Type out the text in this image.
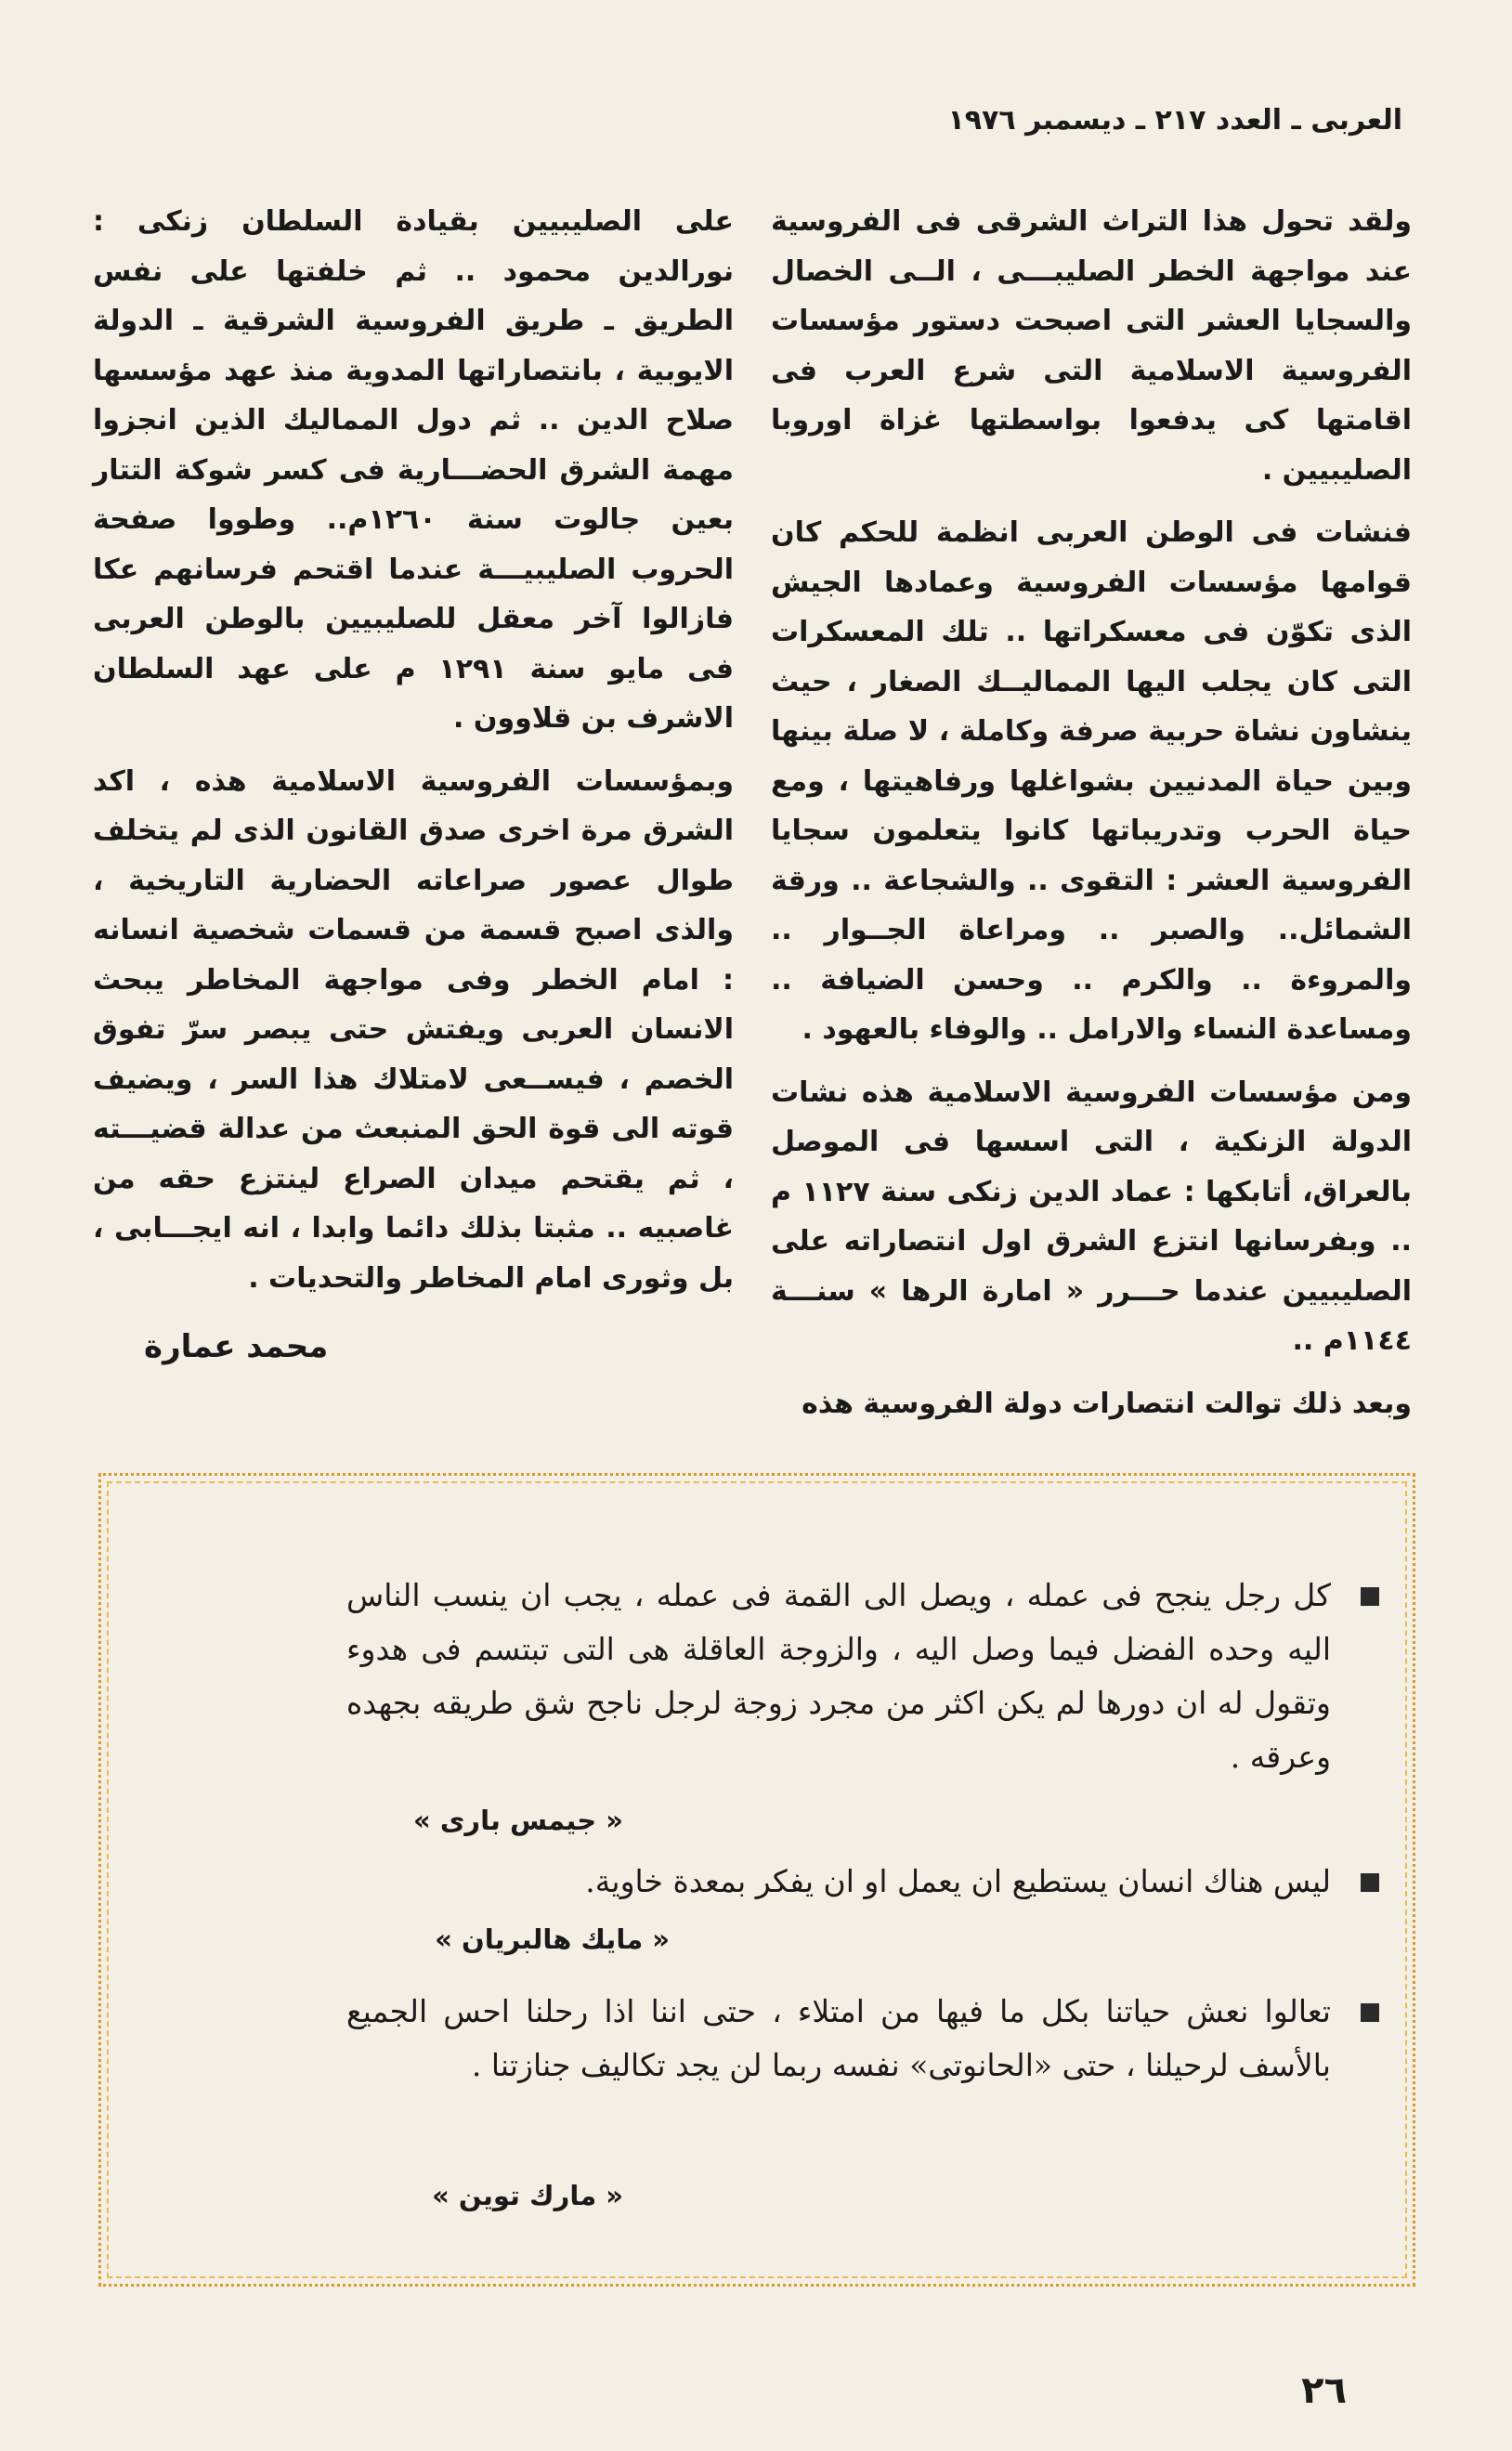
العربى ـ العدد ٢١٧ ـ ديسمبر ١٩٧٦

ولقد تحول هذا التراث الشرقى فى الفروسية عند مواجهة الخطر الصليبـــى ، الــى الخصال والسجايا العشر التى اصبحت دستور مؤسسات الفروسية الاسلامية التى شرع العرب فى اقامتها كى يدفعوا بواسطتها غزاة اوروبا الصليبيين .

فنشات فى الوطن العربى انظمة للحكم كان قوامها مؤسسات الفروسية وعمادها الجيش الذى تكوّن فى معسكراتها .. تلك المعسكرات التى كان يجلب اليها المماليــك الصغار ، حيث ينشاون نشاة حربية صرفة وكاملة ، لا صلة بينها وبين حياة المدنيين بشواغلها ورفاهيتها ، ومع حياة الحرب وتدريباتها كانوا يتعلمون سجايا الفروسية العشر : التقوى .. والشجاعة .. ورقة الشمائل.. والصبر .. ومراعاة الجــوار .. والمروءة .. والكرم .. وحسن الضيافة .. ومساعدة النساء والارامل .. والوفاء بالعهود .

ومن مؤسسات الفروسية الاسلامية هذه نشات الدولة الزنكية ، التى اسسها فى الموصل بالعراق، أتابكها : عماد الدين زنكى سنة ١١٢٧ م .. وبفرسانها انتزع الشرق اول انتصاراته على الصليبيين عندما حـــرر « امارة الرها » سنـــة ١١٤٤م ..

وبعد ذلك توالت انتصارات دولة الفروسية هذه

على الصليبيين بقيادة السلطان زنكى : نورالدين محمود .. ثم خلفتها على نفس الطريق ـ طريق الفروسية الشرقية ـ الدولة الايوبية ، بانتصاراتها المدوية منذ عهد مؤسسها صلاح الدين .. ثم دول المماليك الذين انجزوا مهمة الشرق الحضـــارية فى كسر شوكة التتار بعين جالوت سنة ١٢٦٠م.. وطووا صفحة الحروب الصليبيـــة عندما اقتحم فرسانهم عكا فازالوا آخر معقل للصليبيين بالوطن العربى فى مايو سنة ١٢٩١ م على عهد السلطان الاشرف بن قلاوون .

وبمؤسسات الفروسية الاسلامية هذه ، اكد الشرق مرة اخرى صدق القانون الذى لم يتخلف طوال عصور صراعاته الحضارية التاريخية ، والذى اصبح قسمة من قسمات شخصية انسانه : امام الخطر وفى مواجهة المخاطر يبحث الانسان العربى ويفتش حتى يبصر سرّ تفوق الخصم ، فيســعى لامتلاك هذا السر ، ويضيف قوته الى قوة الحق المنبعث من عدالة قضيـــته ، ثم يقتحم ميدان الصراع لينتزع حقه من غاصبيه .. مثبتا بذلك دائما وابدا ، انه ايجـــابى ، بل وثورى امام المخاطر والتحديات .

محمد عمارة
كل رجل ينجح فى عمله ، ويصل الى القمة فى عمله ، يجب ان ينسب الناس اليه وحده الفضل فيما وصل اليه ، والزوجة العاقلة هى التى تبتسم فى هدوء وتقول له ان دورها لم يكن اكثر من مجرد زوجة لرجل ناجح شق طريقه بجهده وعرقه .
« جيمس بارى »
ليس هناك انسان يستطيع ان يعمل او ان يفكر بمعدة خاوية.
« مايك هالبريان »
تعالوا نعش حياتنا بكل ما فيها من امتلاء ، حتى اننا اذا رحلنا احس الجميع بالأسف لرحيلنا ، حتى «الحانوتى» نفسه ربما لن يجد تكاليف جنازتنا .
« مارك توين »
٢٦
